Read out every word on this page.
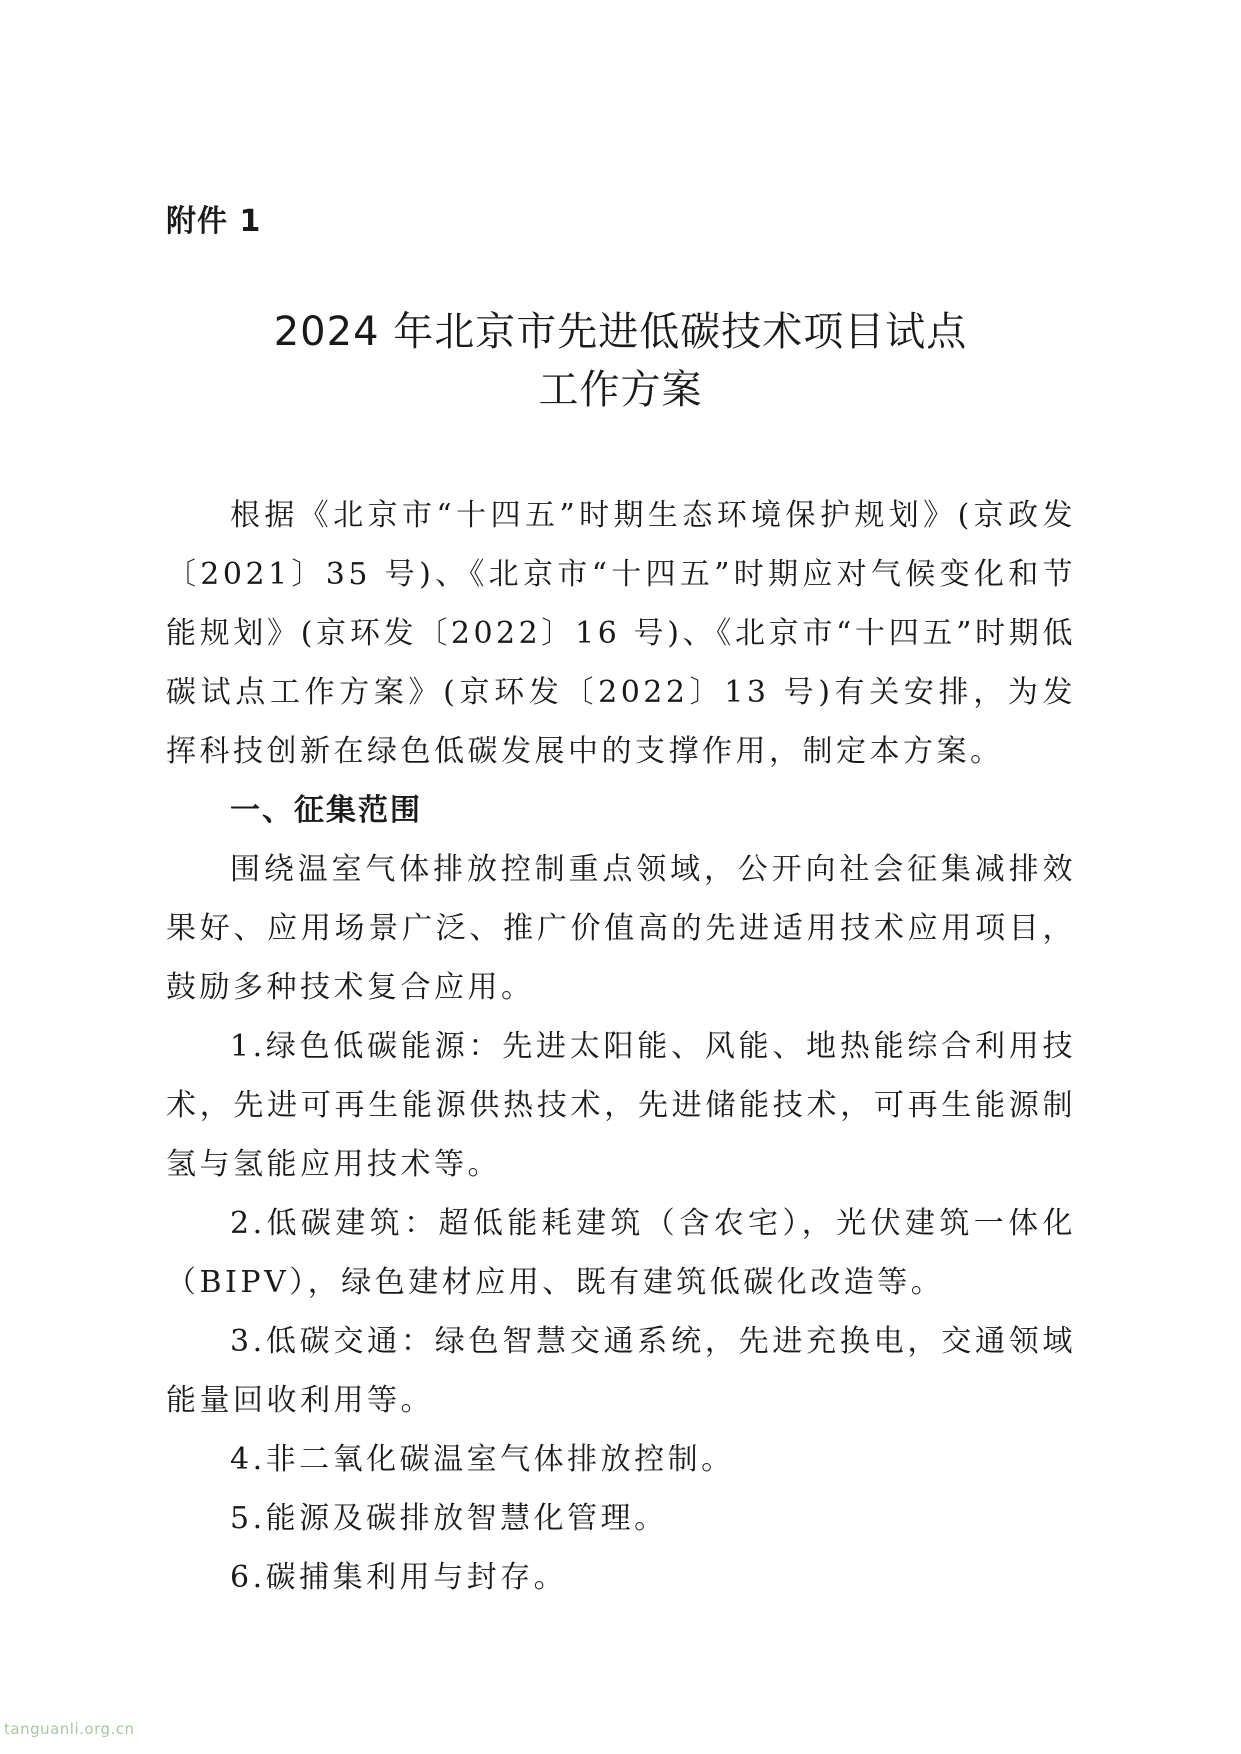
附件 1
2024 年北京市先进低碳技术项目试点
工作方案

根据《北京市“十四五”时期生态环境保护规划》(京政发〔2021〕35 号)、《北京市“十四五”时期应对气候变化和节能规划》(京环发〔2022〕16 号)、《北京市“十四五”时期低碳试点工作方案》(京环发〔2022〕13 号)有关安排，为发挥科技创新在绿色低碳发展中的支撑作用，制定本方案。

一、征集范围

围绕温室气体排放控制重点领域，公开向社会征集减排效果好、应用场景广泛、推广价值高的先进适用技术应用项目，鼓励多种技术复合应用。

1.绿色低碳能源：先进太阳能、风能、地热能综合利用技术，先进可再生能源供热技术，先进储能技术，可再生能源制氢与氢能应用技术等。

2.低碳建筑：超低能耗建筑（含农宅），光伏建筑一体化（BIPV），绿色建材应用、既有建筑低碳化改造等。

3.低碳交通：绿色智慧交通系统，先进充换电，交通领域能量回收利用等。

4.非二氧化碳温室气体排放控制。

5.能源及碳排放智慧化管理。

6.碳捕集利用与封存。

tanguanli.org.cn
